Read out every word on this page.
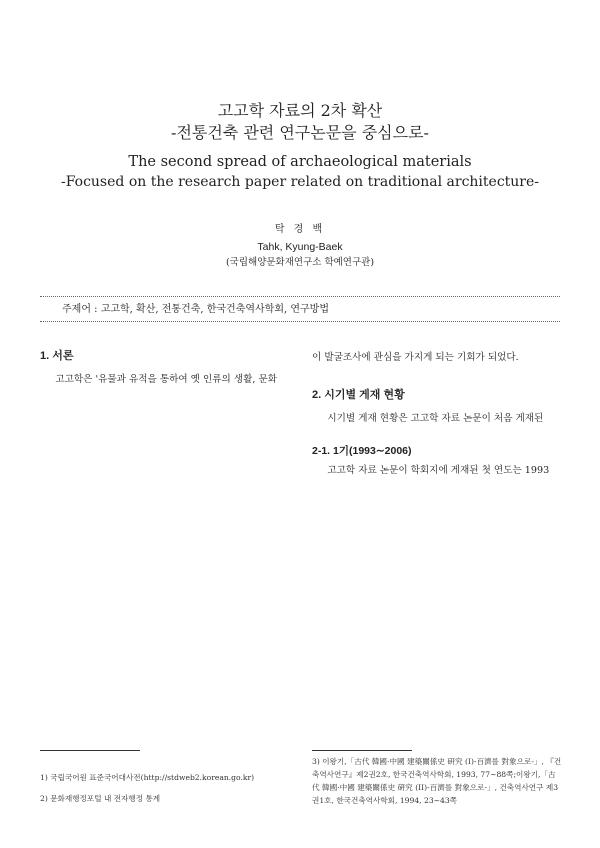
고고학 자료의 2차 확산

-전통건축 관련 연구논문을 중심으로-

The second spread of archaeological materials

-Focused on the research paper related on traditional architecture-

탁 경 백

Tahk, Kyung-Baek

(국립해양문화재연구소 학예연구관)

주제어 : 고고학, 확산, 전통건축, 한국건축역사학회, 연구방법
1. 서론

고고학은 '유물과 유적을 통하여 옛 인류의 생활, 문화

이 발굴조사에 관심을 가지게 되는 기회가 되었다.

2. 시기별 게재 현황

시기별 게재 현황은 고고학 자료 논문이 처음 게재된

2-1. 1기(1993∼2006)

고고학 자료 논문이 학회지에 게재된 첫 연도는 1993

1) 국립국어원 표준국어대사전(http://stdweb2.korean.go.kr)

2) 문화재행정포털 내 전자행정 통계

3) 이왕기,「古代 韓國·中國 建築關係史 硏究 (I)-百濟를 對象으로-」, 『건축역사연구』제2권2호, 한국건축역사학회, 1993, 77∼88쪽;이왕기,「古代 韓國·中國 建築關係史 硏究 (II)-百濟를 對象으로-」, 건축역사연구 제3권1호, 한국건축역사학회, 1994, 23∼43쪽
